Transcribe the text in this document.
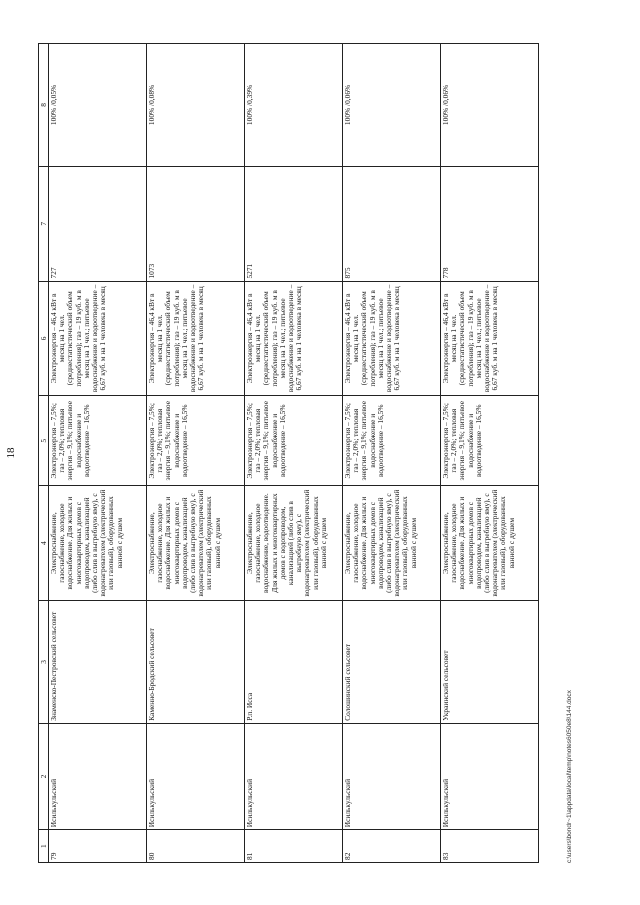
18
1	2	3	4	5	6	7	8
79	Исилькульский	Знаменско-Пестровский сельсовет	Электроснабжение, газоснабжение, холодное водоснабжение. Для жилых и многоквартирных домов с водопроводом, канализацией (либо слив в выгребную яму), с водонагревателем (электрический или газовый), оборудованных ванной с душем	Электроэнергия – 7,5%; газ – 2,0%; тепловая энергия – 9,1%; питьевое водоснабжение и водоотведение – 16,5%	Электроэнергия – 46,4 кВт в месяц на 1 чел. (среднестатистический объем потребления); газ – 19 куб. м в месяц на 1 чел.; питьевое водоснабжение и водоотведение – 6,67 куб. м на 1 человека в месяц	727	100% /0,05%
80	Исилькульский	Каменно-Бродский сельсовет	Электроснабжение, газоснабжение, холодное водоснабжение. Для жилых и многоквартирных домов с водопроводом, канализацией (либо слив в выгребную яму), с водонагревателем (электрический или газовый), оборудованных ванной с душем	Электроэнергия – 7,5%; газ – 2,0%; тепловая энергия – 9,1%; питьевое водоснабжение и водоотведение – 16,5%	Электроэнергия – 46,4 кВт в месяц на 1 чел. (среднестатистический объем потребления); газ – 19 куб. м в месяц на 1 чел.; питьевое водоснабжение и водоотведение – 6,67 куб. м на 1 человека в месяц	1073	100% /0,08%
81	Исилькульский	Р.п. Исса	Электроснабжение, газоснабжение, холодное водоснабжение, водоотведение. Для жилых и многоквартирных домов с водопроводом, канализацией (либо слив в выгребную яму), с водонагревателем (электрический или газовый), оборудованных ванной с душем	Электроэнергия – 7,5%; газ – 2,0%; тепловая энергия – 9,1%; питьевое водоснабжение и водоотведение – 16,5%	Электроэнергия – 46,4 кВт в месяц на 1 чел. (среднестатистический объем потребления); газ – 19 куб. м в месяц на 1 чел.; питьевое водоснабжение и водоотведение – 6,67 куб. м на 1 человека в месяц	5271	100% /0,39%
82	Исилькульский	Солошинский сельсовет	Электроснабжение, газоснабжение, холодное водоснабжение. Для жилых и многоквартирных домов с водопроводом, канализацией (либо слив в выгребную яму), с водонагревателем (электрический или газовый), оборудованных ванной с душем	Электроэнергия – 7,5%; газ – 2,0%; тепловая энергия – 9,1%; питьевое водоснабжение и водоотведение – 16,5%	Электроэнергия – 46,4 кВт в месяц на 1 чел. (среднестатистический объем потребления); газ – 19 куб. м в месяц на 1 чел.; питьевое водоснабжение и водоотведение – 6,67 куб. м на 1 человека в месяц	875	100% /0,06%
83	Исилькульский	Украинский сельсовет	Электроснабжение, газоснабжение, холодное водоснабжение. Для жилых и многоквартирных домов с водопроводом, канализацией (либо слив в выгребную яму), с водонагревателем (электрический или газовый), оборудованных ванной с душем	Электроэнергия – 7,5%; газ – 2,0%; тепловая энергия – 9,1%; питьевое водоснабжение и водоотведение – 16,5%	Электроэнергия – 46,4 кВт в месяц на 1 чел. (среднестатистический объем потребления); газ – 19 куб. м в месяц на 1 чел.; питьевое водоснабжение и водоотведение – 6,67 куб. м на 1 человека в месяц	778	100% /0,06%
c:\users\bondr~1\appdata\local\temp\notes6050e8\144.docx
